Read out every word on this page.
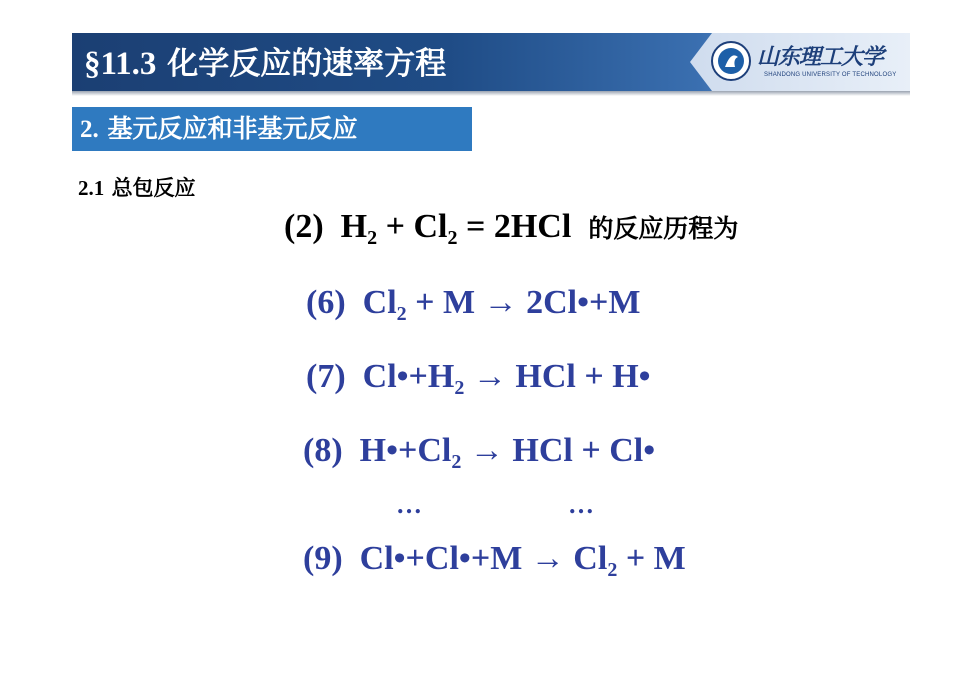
§11.3 化学反应的速率方程	山东理工大学
SHANDONG UNIVERSITY OF TECHNOLOGY
2. 基元反应和非基元反应
2.1 总包反应
(2) $H_2 + Cl_2 = 2HCl$ 的反应历程为
(6) $Cl_2 + M$ → 2Cl•+M
(7) $Cl•+H_2$ → HCl + H•
(8) $H•+Cl_2$ → HCl + Cl•
…	…
(9) Cl•+Cl•+M → $Cl_2 + M$
